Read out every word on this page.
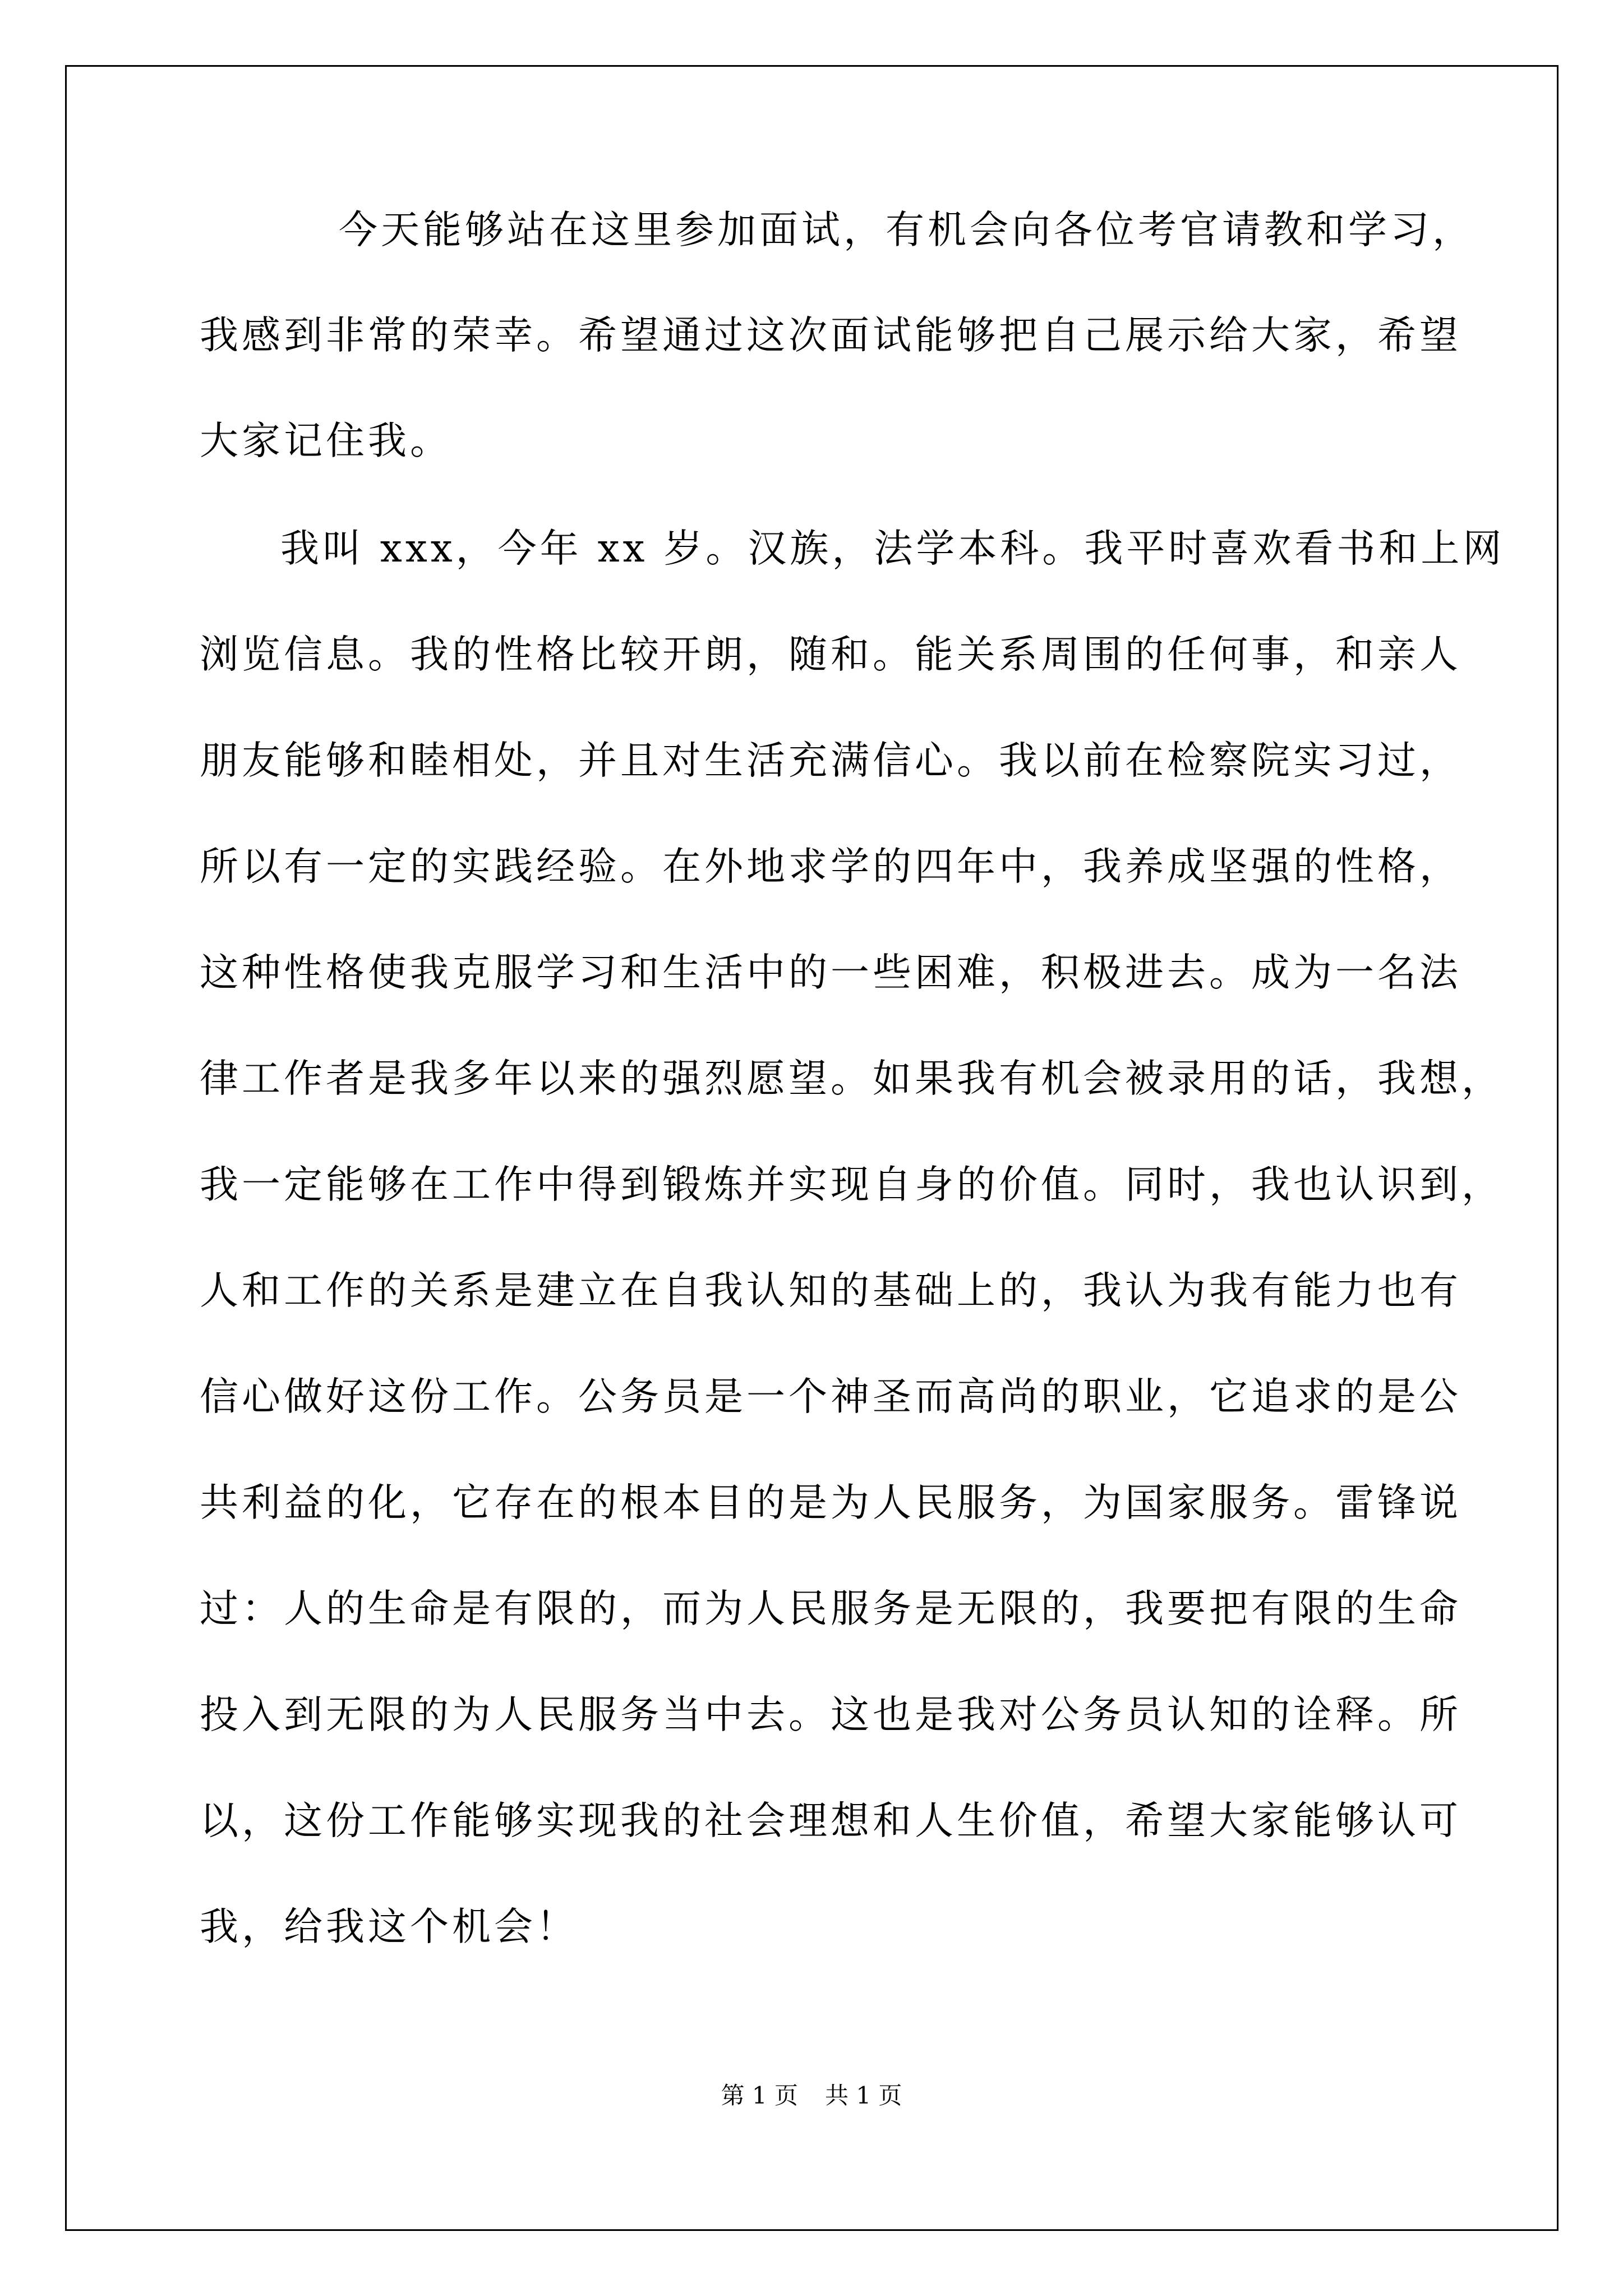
今天能够站在这里参加面试，有机会向各位考官请教和学习，
我感到非常的荣幸。希望通过这次面试能够把自己展示给大家，希望
大家记住我。
我叫 xxx，今年 xx 岁。汉族，法学本科。我平时喜欢看书和上网
浏览信息。我的性格比较开朗，随和。能关系周围的任何事，和亲人
朋友能够和睦相处，并且对生活充满信心。我以前在检察院实习过，
所以有一定的实践经验。在外地求学的四年中，我养成坚强的性格，
这种性格使我克服学习和生活中的一些困难，积极进去。成为一名法
律工作者是我多年以来的强烈愿望。如果我有机会被录用的话，我想，
我一定能够在工作中得到锻炼并实现自身的价值。同时，我也认识到，
人和工作的关系是建立在自我认知的基础上的，我认为我有能力也有
信心做好这份工作。公务员是一个神圣而高尚的职业，它追求的是公
共利益的化，它存在的根本目的是为人民服务，为国家服务。雷锋说
过：人的生命是有限的，而为人民服务是无限的，我要把有限的生命
投入到无限的为人民服务当中去。这也是我对公务员认知的诠释。所
以，这份工作能够实现我的社会理想和人生价值，希望大家能够认可
我，给我这个机会！
第 1 页 共 1 页
